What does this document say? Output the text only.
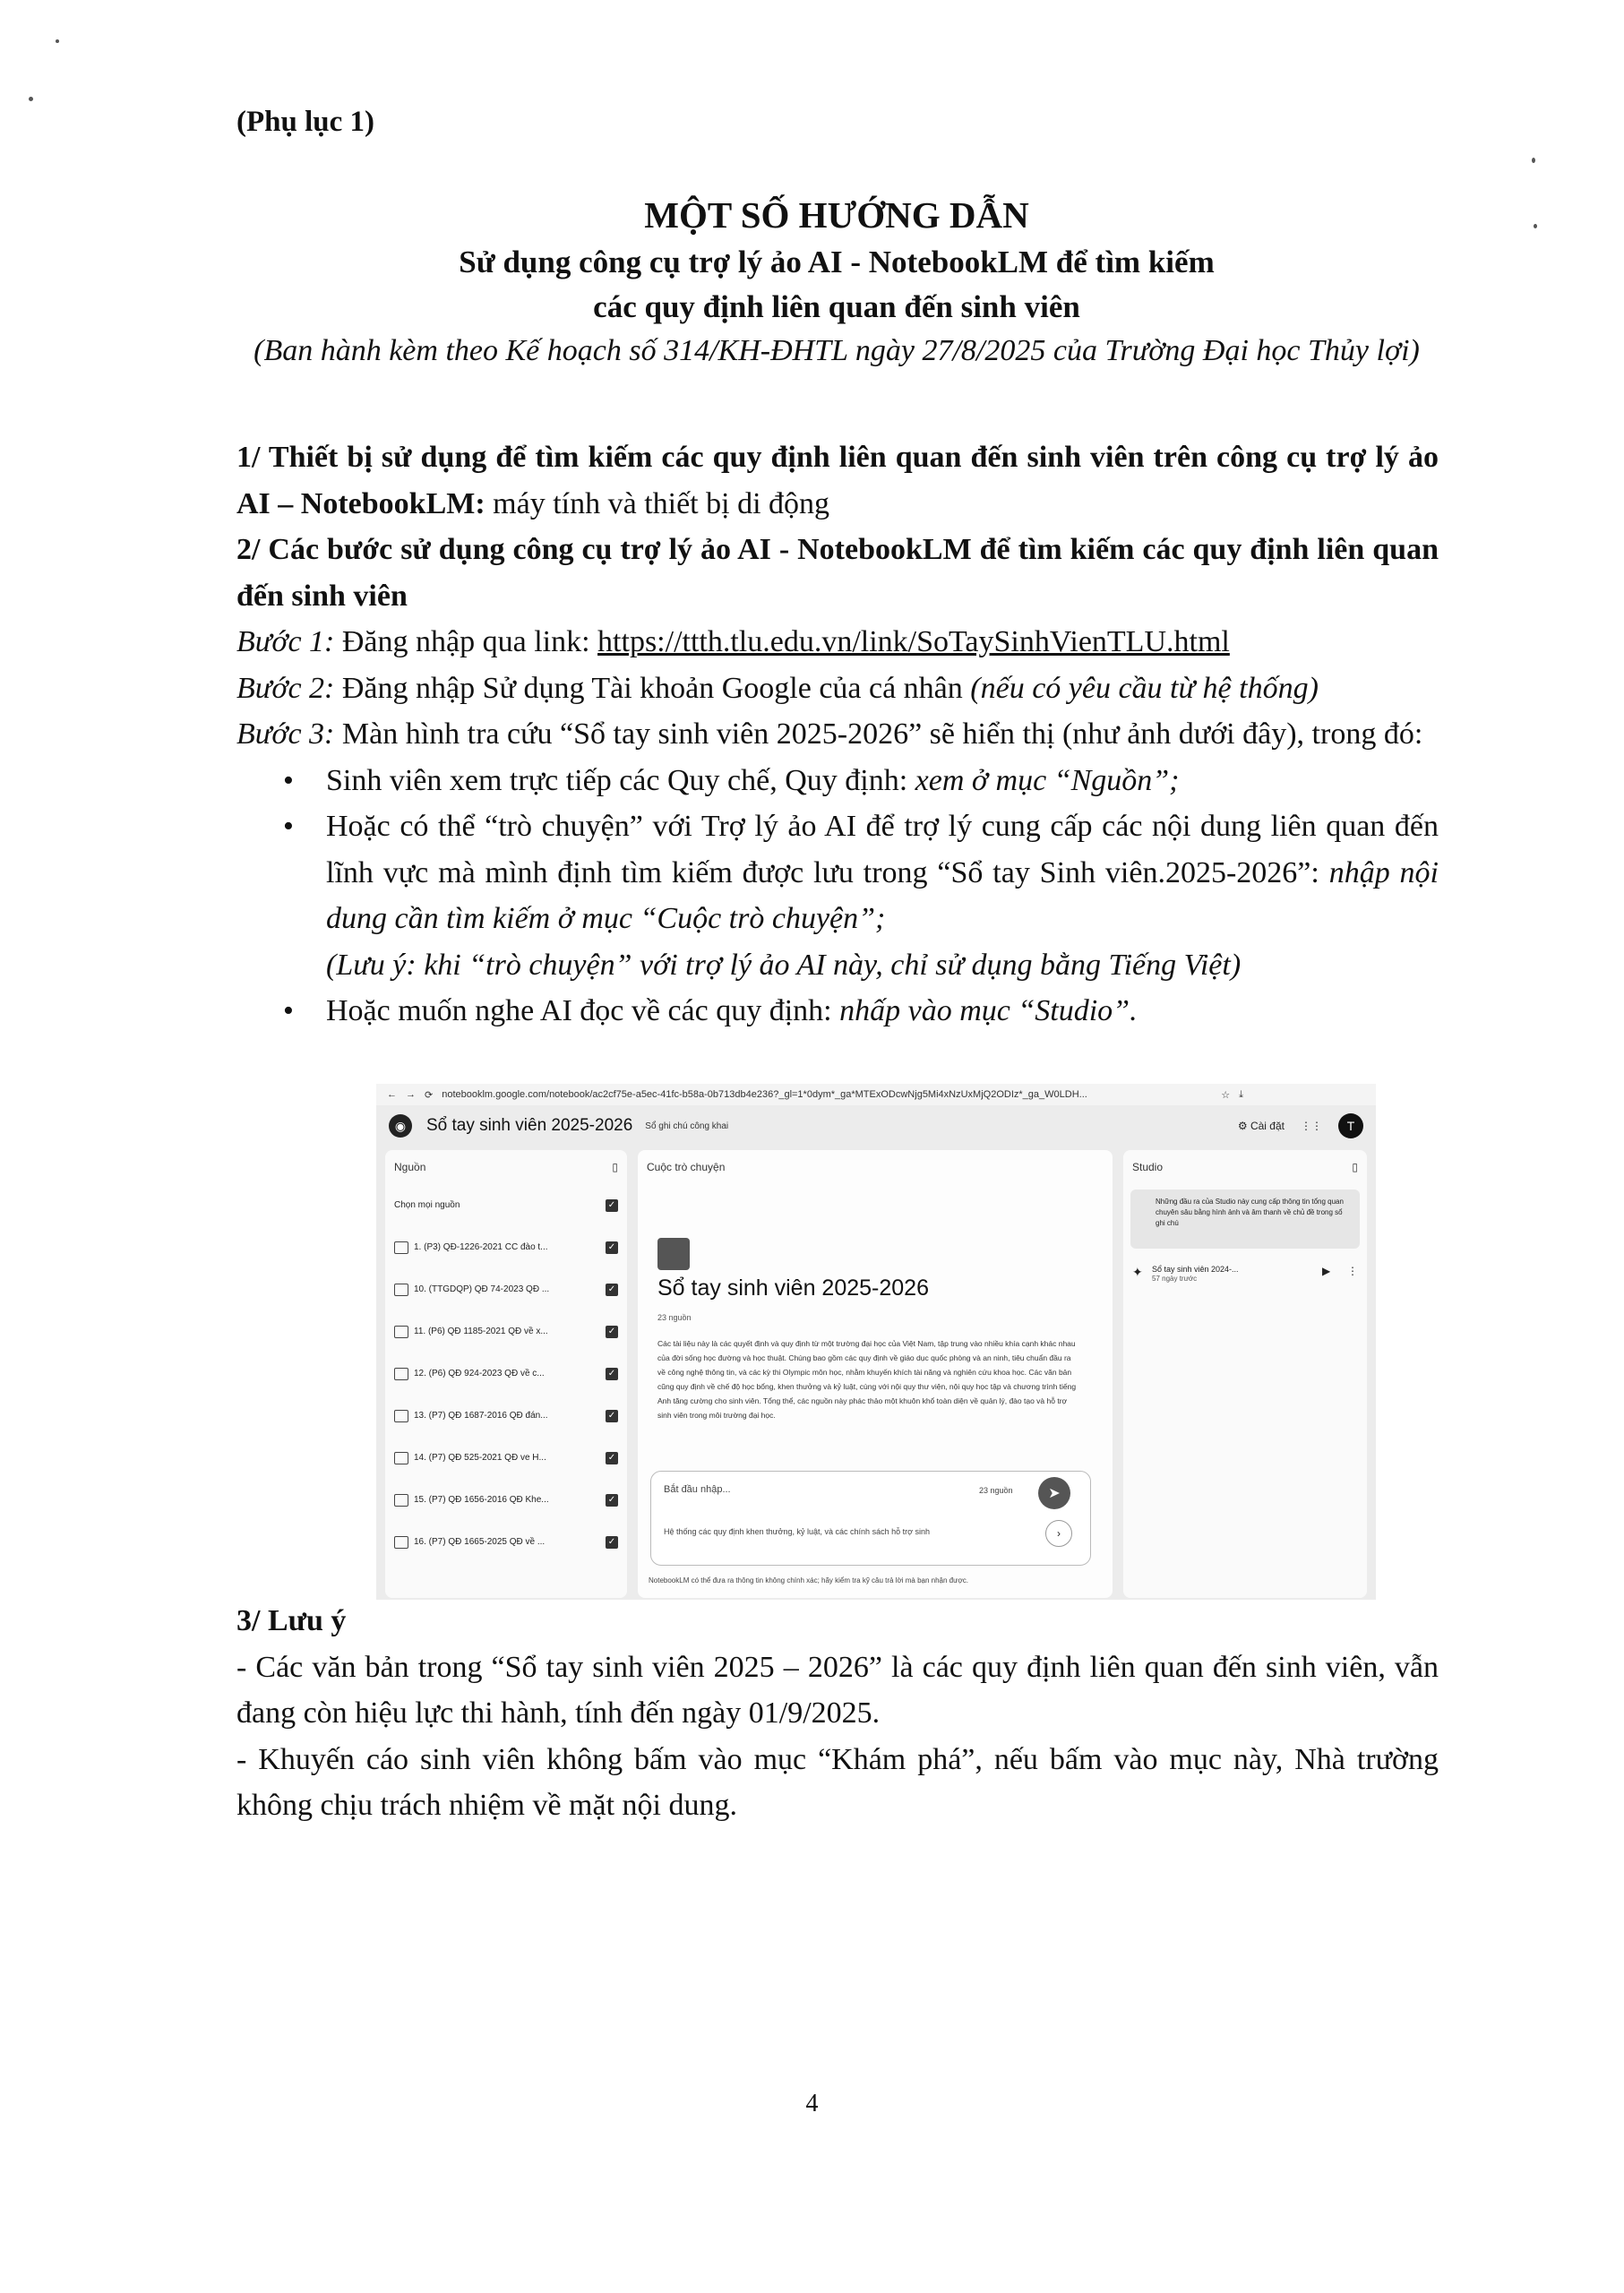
(Phụ lục 1)
MỘT SỐ HƯỚNG DẪN
Sử dụng công cụ trợ lý ảo AI - NotebookLM để tìm kiếm
các quy định liên quan đến sinh viên
(Ban hành kèm theo Kế hoạch số 314/KH-ĐHTL ngày 27/8/2025 của Trường Đại học Thủy lợi)

1/ Thiết bị sử dụng để tìm kiếm các quy định liên quan đến sinh viên trên công cụ trợ lý ảo AI – NotebookLM: máy tính và thiết bị di động

2/ Các bước sử dụng công cụ trợ lý ảo AI - NotebookLM để tìm kiếm các quy định liên quan đến sinh viên

Bước 1: Đăng nhập qua link: https://ttth.tlu.edu.vn/link/SoTaySinhVienTLU.html

Bước 2: Đăng nhập Sử dụng Tài khoản Google của cá nhân (nếu có yêu cầu từ hệ thống)

Bước 3: Màn hình tra cứu “Sổ tay sinh viên 2025-2026” sẽ hiển thị (như ảnh dưới đây), trong đó:

• Sinh viên xem trực tiếp các Quy chế, Quy định: xem ở mục “Nguồn”;
• Hoặc có thể “trò chuyện” với Trợ lý ảo AI để trợ lý cung cấp các nội dung liên quan đến lĩnh vực mà mình định tìm kiếm được lưu trong “Sổ tay Sinh viên.2025-2026”: nhập nội dung cần tìm kiếm ở mục “Cuộc trò chuyện”;
(Lưu ý: khi “trò chuyện” với trợ lý ảo AI này, chỉ sử dụng bằng Tiếng Việt)
• Hoặc muốn nghe AI đọc về các quy định: nhấp vào mục “Studio”.
← → ⟳ notebooklm.google.com/notebook/ac2cf75e-a5ec-41fc-b58a-0b713db4e236?_gl=1*0dym*_ga*MTExODcwNjg5Mi4xNzUxMjQ2ODIz*_ga_W0LDH...	☆ ⤓
◉	Sổ tay sinh viên 2025-2026 Sổ ghi chú công khai	⚙ Cài đặt ⋮⋮	T
Nguồn	▯
Chọn mọi nguồn	✓
1. (P3) QĐ-1226-2021 CC đào t...	✓
10. (TTGDQP) QĐ 74-2023 QĐ ...	✓
11. (P6) QĐ 1185-2021 QĐ về x...	✓
12. (P6) QĐ 924-2023 QĐ về c...	✓
13. (P7) QĐ 1687-2016 QĐ đán...	✓
14. (P7) QĐ 525-2021 QĐ ve H...	✓
15. (P7) QĐ 1656-2016 QĐ Khe...	✓
16. (P7) QĐ 1665-2025 QĐ về ...	✓
Cuộc trò chuyện
Sổ tay sinh viên 2025-2026
23 nguồn
Các tài liệu này là các quyết định và quy định từ một trường đại học của Việt Nam, tập trung vào nhiều khía cạnh khác nhau của đời sống học đường và học thuật. Chúng bao gồm các quy định về giáo dục quốc phòng và an ninh, tiêu chuẩn đầu ra về công nghệ thông tin, và các kỳ thi Olympic môn học, nhằm khuyến khích tài năng và nghiên cứu khoa học. Các văn bản cũng quy định về chế độ học bổng, khen thưởng và kỷ luật, cùng với nội quy thư viện, nội quy học tập và chương trình tiếng Anh tăng cường cho sinh viên. Tổng thể, các nguồn này phác thảo một khuôn khổ toàn diện về quản lý, đào tạo và hỗ trợ sinh viên trong môi trường đại học.
Bắt đầu nhập...	23 nguồn ➤
Hệ thống các quy định khen thưởng, kỷ luật, và các chính sách hỗ trợ sinh	›
NotebookLM có thể đưa ra thông tin không chính xác; hãy kiểm tra kỹ câu trả lời mà bạn nhận được.
Studio	▯
Những đầu ra của Studio này cung cấp thông tin tổng quan chuyên sâu bằng hình ảnh và âm thanh về chủ đề trong sổ ghi chú
✦	Sổ tay sinh viên 2024-...
57 ngày trước
▶ ⋮

3/ Lưu ý

- Các văn bản trong “Sổ tay sinh viên 2025 – 2026” là các quy định liên quan đến sinh viên, vẫn đang còn hiệu lực thi hành, tính đến ngày 01/9/2025.

- Khuyến cáo sinh viên không bấm vào mục “Khám phá”, nếu bấm vào mục này, Nhà trường không chịu trách nhiệm về mặt nội dung.

4
